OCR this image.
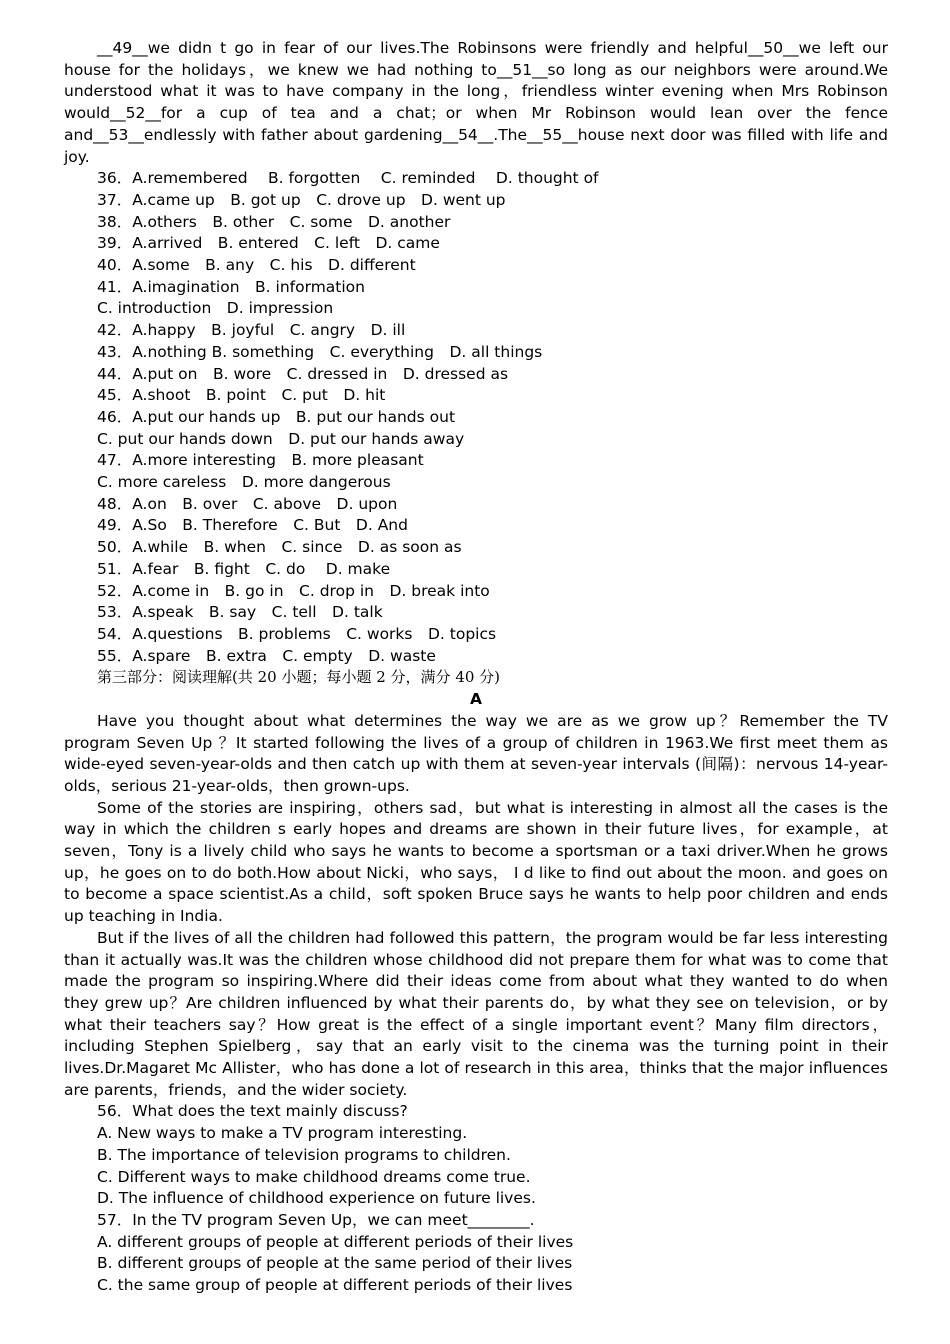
__49__we didn t go in fear of our lives.The Robinsons were friendly and helpful__50__we left our house for the holidays，we knew we had nothing to__51__so long as our neighbors were around.We understood what it was to have company in the long，friendless winter evening when Mrs Robinson would__52__for a cup of tea and a chat；or when Mr Robinson would lean over the fence and__53__endlessly with father about gardening__54__.The__55__house next door was filled with life and joy.

36．A.remembered　 B. forgotten　 C. reminded　 D. thought of

37．A.came up　B. got up　C. drove up　D. went up

38．A.others　B. other　C. some　D. another

39．A.arrived　B. entered　C. left　D. came

40．A.some　B. any　C. his　D. different

41．A.imagination　B. information

C. introduction　D. impression

42．A.happy　B. joyful　C. angry　D. ill

43．A.nothing B. something　C. everything　D. all things

44．A.put on　B. wore　C. dressed in　D. dressed as

45．A.shoot　B. point　C. put　D. hit

46．A.put our hands up　B. put our hands out

C. put our hands down　D. put our hands away

47．A.more interesting　B. more pleasant

C. more careless　D. more dangerous

48．A.on　B. over　C. above　D. upon

49．A.So　B. Therefore　C. But　D. And

50．A.while　B. when　C. since　D. as soon as

51．A.fear　B. fight　C. do　 D. make

52．A.come in　B. go in　C. drop in　D. break into

53．A.speak　B. say　C. tell　D. talk

54．A.questions　B. problems　C. works　D. topics

55．A.spare　B. extra　C. empty　D. waste

第三部分：阅读理解(共 20 小题；每小题 2 分，满分 40 分)

A

Have you thought about what determines the way we are as we grow up？Remember the TV program Seven Up ？It started following the lives of a group of children in 1963.We first meet them as wide-eyed seven-year-olds and then catch up with them at seven-year intervals (间隔)：nervous 14-year-olds，serious 21-year-olds，then grown-ups.

Some of the stories are inspiring，others sad，but what is interesting in almost all the cases is the way in which the children s early hopes and dreams are shown in their future lives，for example，at seven，Tony is a lively child who says he wants to become a sportsman or a taxi driver.When he grows up，he goes on to do both.How about Nicki，who says， I d like to find out about the moon. and goes on to become a space scientist.As a child，soft spoken Bruce says he wants to help poor children and ends up teaching in India.

But if the lives of all the children had followed this pattern，the program would be far less interesting than it actually was.It was the children whose childhood did not prepare them for what was to come that made the program so inspiring.Where did their ideas come from about what they wanted to do when they grew up？Are children influenced by what their parents do，by what they see on television，or by what their teachers say？How great is the effect of a single important event？Many film directors，including Stephen Spielberg，say that an early visit to the cinema was the turning point in their lives.Dr.Magaret Mc Allister，who has done a lot of research in this area，thinks that the major influences are parents，friends，and the wider society.

56．What does the text mainly discuss?

A. New ways to make a TV program interesting.

B. The importance of television programs to children.

C. Different ways to make childhood dreams come true.

D. The influence of childhood experience on future lives.

57．In the TV program Seven Up，we can meet________.

A. different groups of people at different periods of their lives

B. different groups of people at the same period of their lives

C. the same group of people at different periods of their lives
